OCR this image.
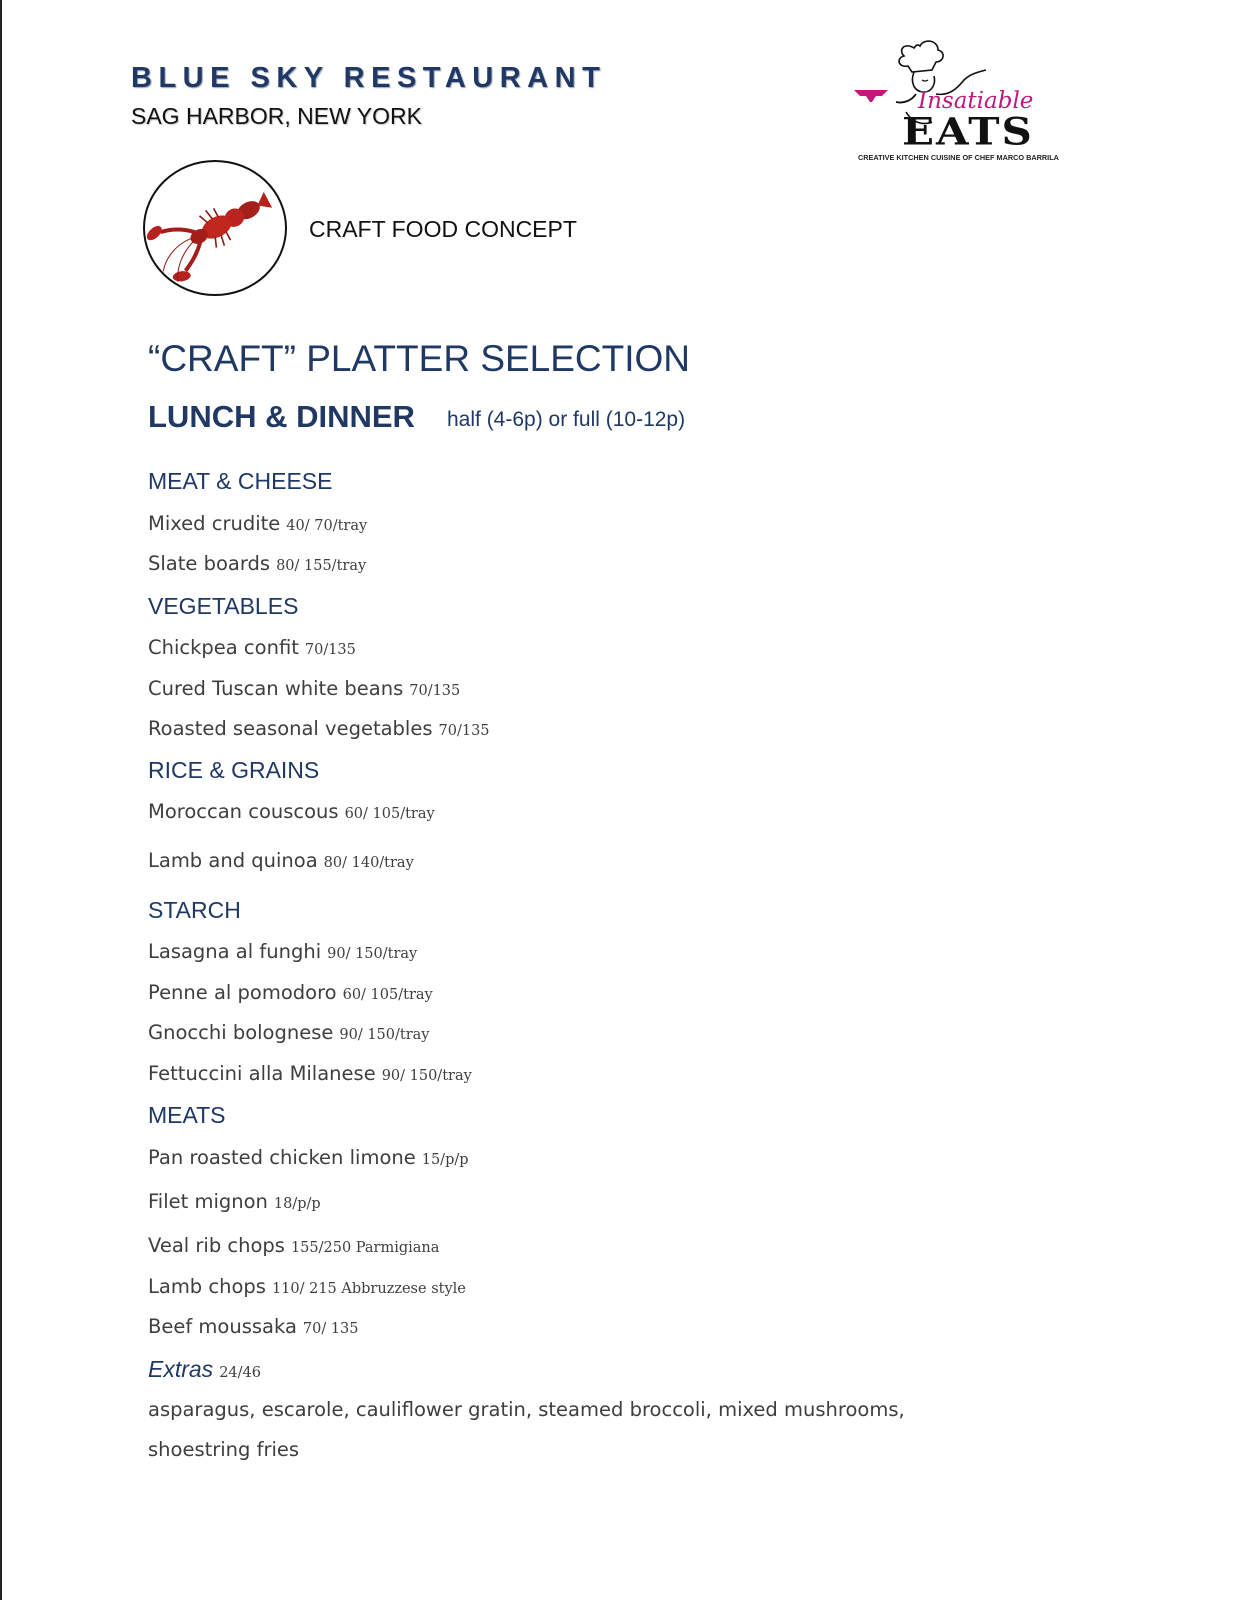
BLUE SKY RESTAURANT
SAG HARBOR, NEW YORK
Insatiable
EATS
CREATIVE KITCHEN CUISINE OF CHEF MARCO BARRILA
CRAFT FOOD CONCEPT
“CRAFT” PLATTER SELECTION
LUNCH & DINNER half (4-6p) or full (10-12p)
MEAT & CHEESE
Mixed crudite 40/ 70/tray
Slate boards 80/ 155/tray
VEGETABLES
Chickpea confit 70/135
Cured Tuscan white beans 70/135
Roasted seasonal vegetables 70/135
RICE & GRAINS
Moroccan couscous 60/ 105/tray
Lamb and quinoa 80/ 140/tray
STARCH
Lasagna al funghi 90/ 150/tray
Penne al pomodoro 60/ 105/tray
Gnocchi bolognese 90/ 150/tray
Fettuccini alla Milanese 90/ 150/tray
MEATS
Pan roasted chicken limone 15/p/p
Filet mignon 18/p/p
Veal rib chops 155/250 Parmigiana
Lamb chops 110/ 215 Abbruzzese style
Beef moussaka 70/ 135
Extras 24/46
asparagus, escarole, cauliflower gratin, steamed broccoli, mixed mushrooms,
shoestring fries
